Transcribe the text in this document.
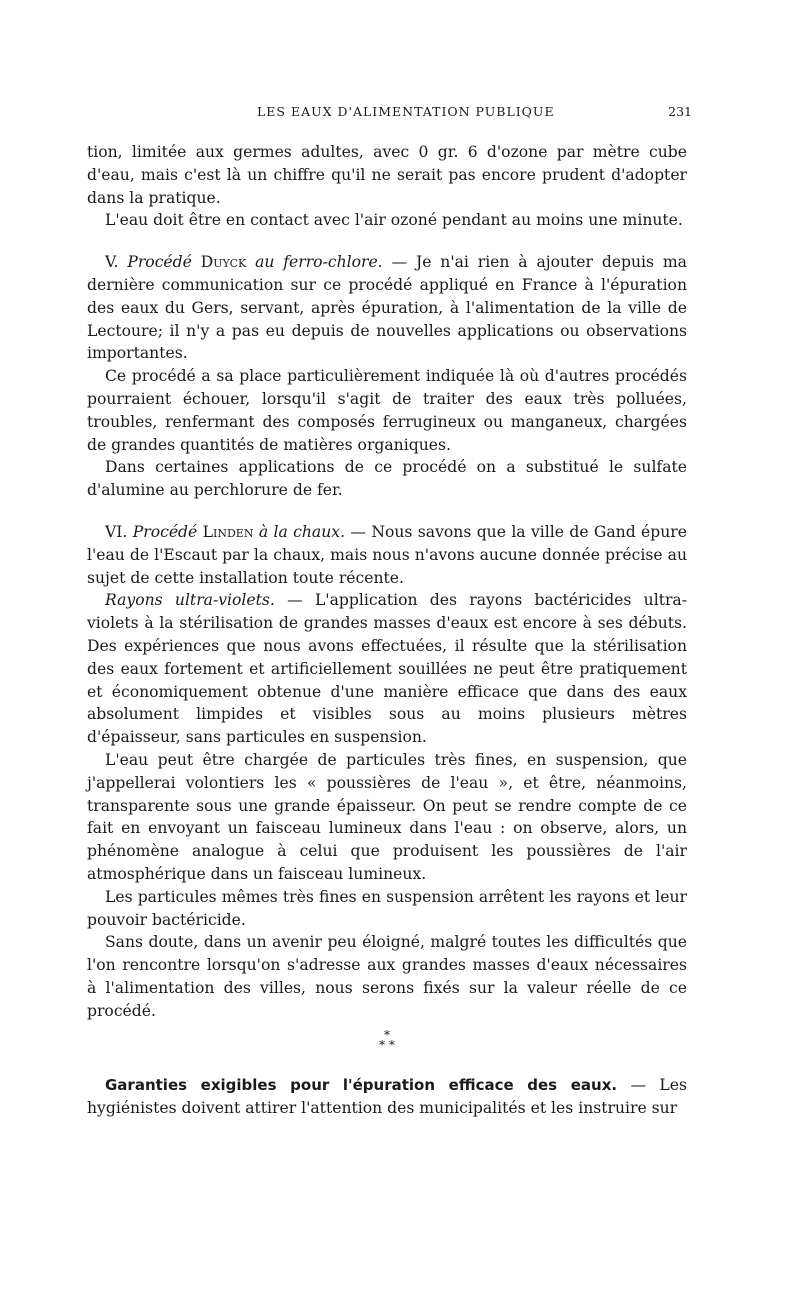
LES EAUX D'ALIMENTATION PUBLIQUE	231

tion, limitée aux germes adultes, avec 0 gr. 6 d'ozone par mètre cube d'eau, mais c'est là un chiffre qu'il ne serait pas encore prudent d'adopter dans la pratique.

L'eau doit être en contact avec l'air ozoné pendant au moins une minute.

V. Procédé Duyck au ferro-chlore. — Je n'ai rien à ajouter depuis ma dernière communication sur ce procédé appliqué en France à l'épuration des eaux du Gers, servant, après épuration, à l'alimentation de la ville de Lectoure; il n'y a pas eu depuis de nouvelles applications ou observations importantes.

Ce procédé a sa place particulièrement indiquée là où d'autres procédés pourraient échouer, lorsqu'il s'agit de traiter des eaux très polluées, troubles, renfermant des composés ferrugineux ou manganeux, chargées de grandes quantités de matières organiques.

Dans certaines applications de ce procédé on a substitué le sulfate d'alumine au perchlorure de fer.

VI. Procédé Linden à la chaux. — Nous savons que la ville de Gand épure l'eau de l'Escaut par la chaux, mais nous n'avons aucune donnée précise au sujet de cette installation toute récente.

Rayons ultra-violets. — L'application des rayons bactéricides ultra-violets à la stérilisation de grandes masses d'eaux est encore à ses débuts. Des expériences que nous avons effectuées, il résulte que la stérilisation des eaux fortement et artificiellement souillées ne peut être pratiquement et économiquement obtenue d'une manière efficace que dans des eaux absolument limpides et visibles sous au moins plusieurs mètres d'épaisseur, sans particules en suspension.

L'eau peut être chargée de particules très fines, en suspension, que j'appellerai volontiers les « poussières de l'eau », et être, néanmoins, transparente sous une grande épaisseur. On peut se rendre compte de ce fait en envoyant un faisceau lumineux dans l'eau : on observe, alors, un phénomène analogue à celui que produisent les poussières de l'air atmosphérique dans un faisceau lumineux.

Les particules mêmes très fines en suspension arrêtent les rayons et leur pouvoir bactéricide.

Sans doute, dans un avenir peu éloigné, malgré toutes les difficultés que l'on rencontre lorsqu'on s'adresse aux grandes masses d'eaux nécessaires à l'alimentation des villes, nous serons fixés sur la valeur réelle de ce procédé.

*
* *

Garanties exigibles pour l'épuration efficace des eaux. — Les hygiénistes doivent attirer l'attention des municipalités et les instruire sur
